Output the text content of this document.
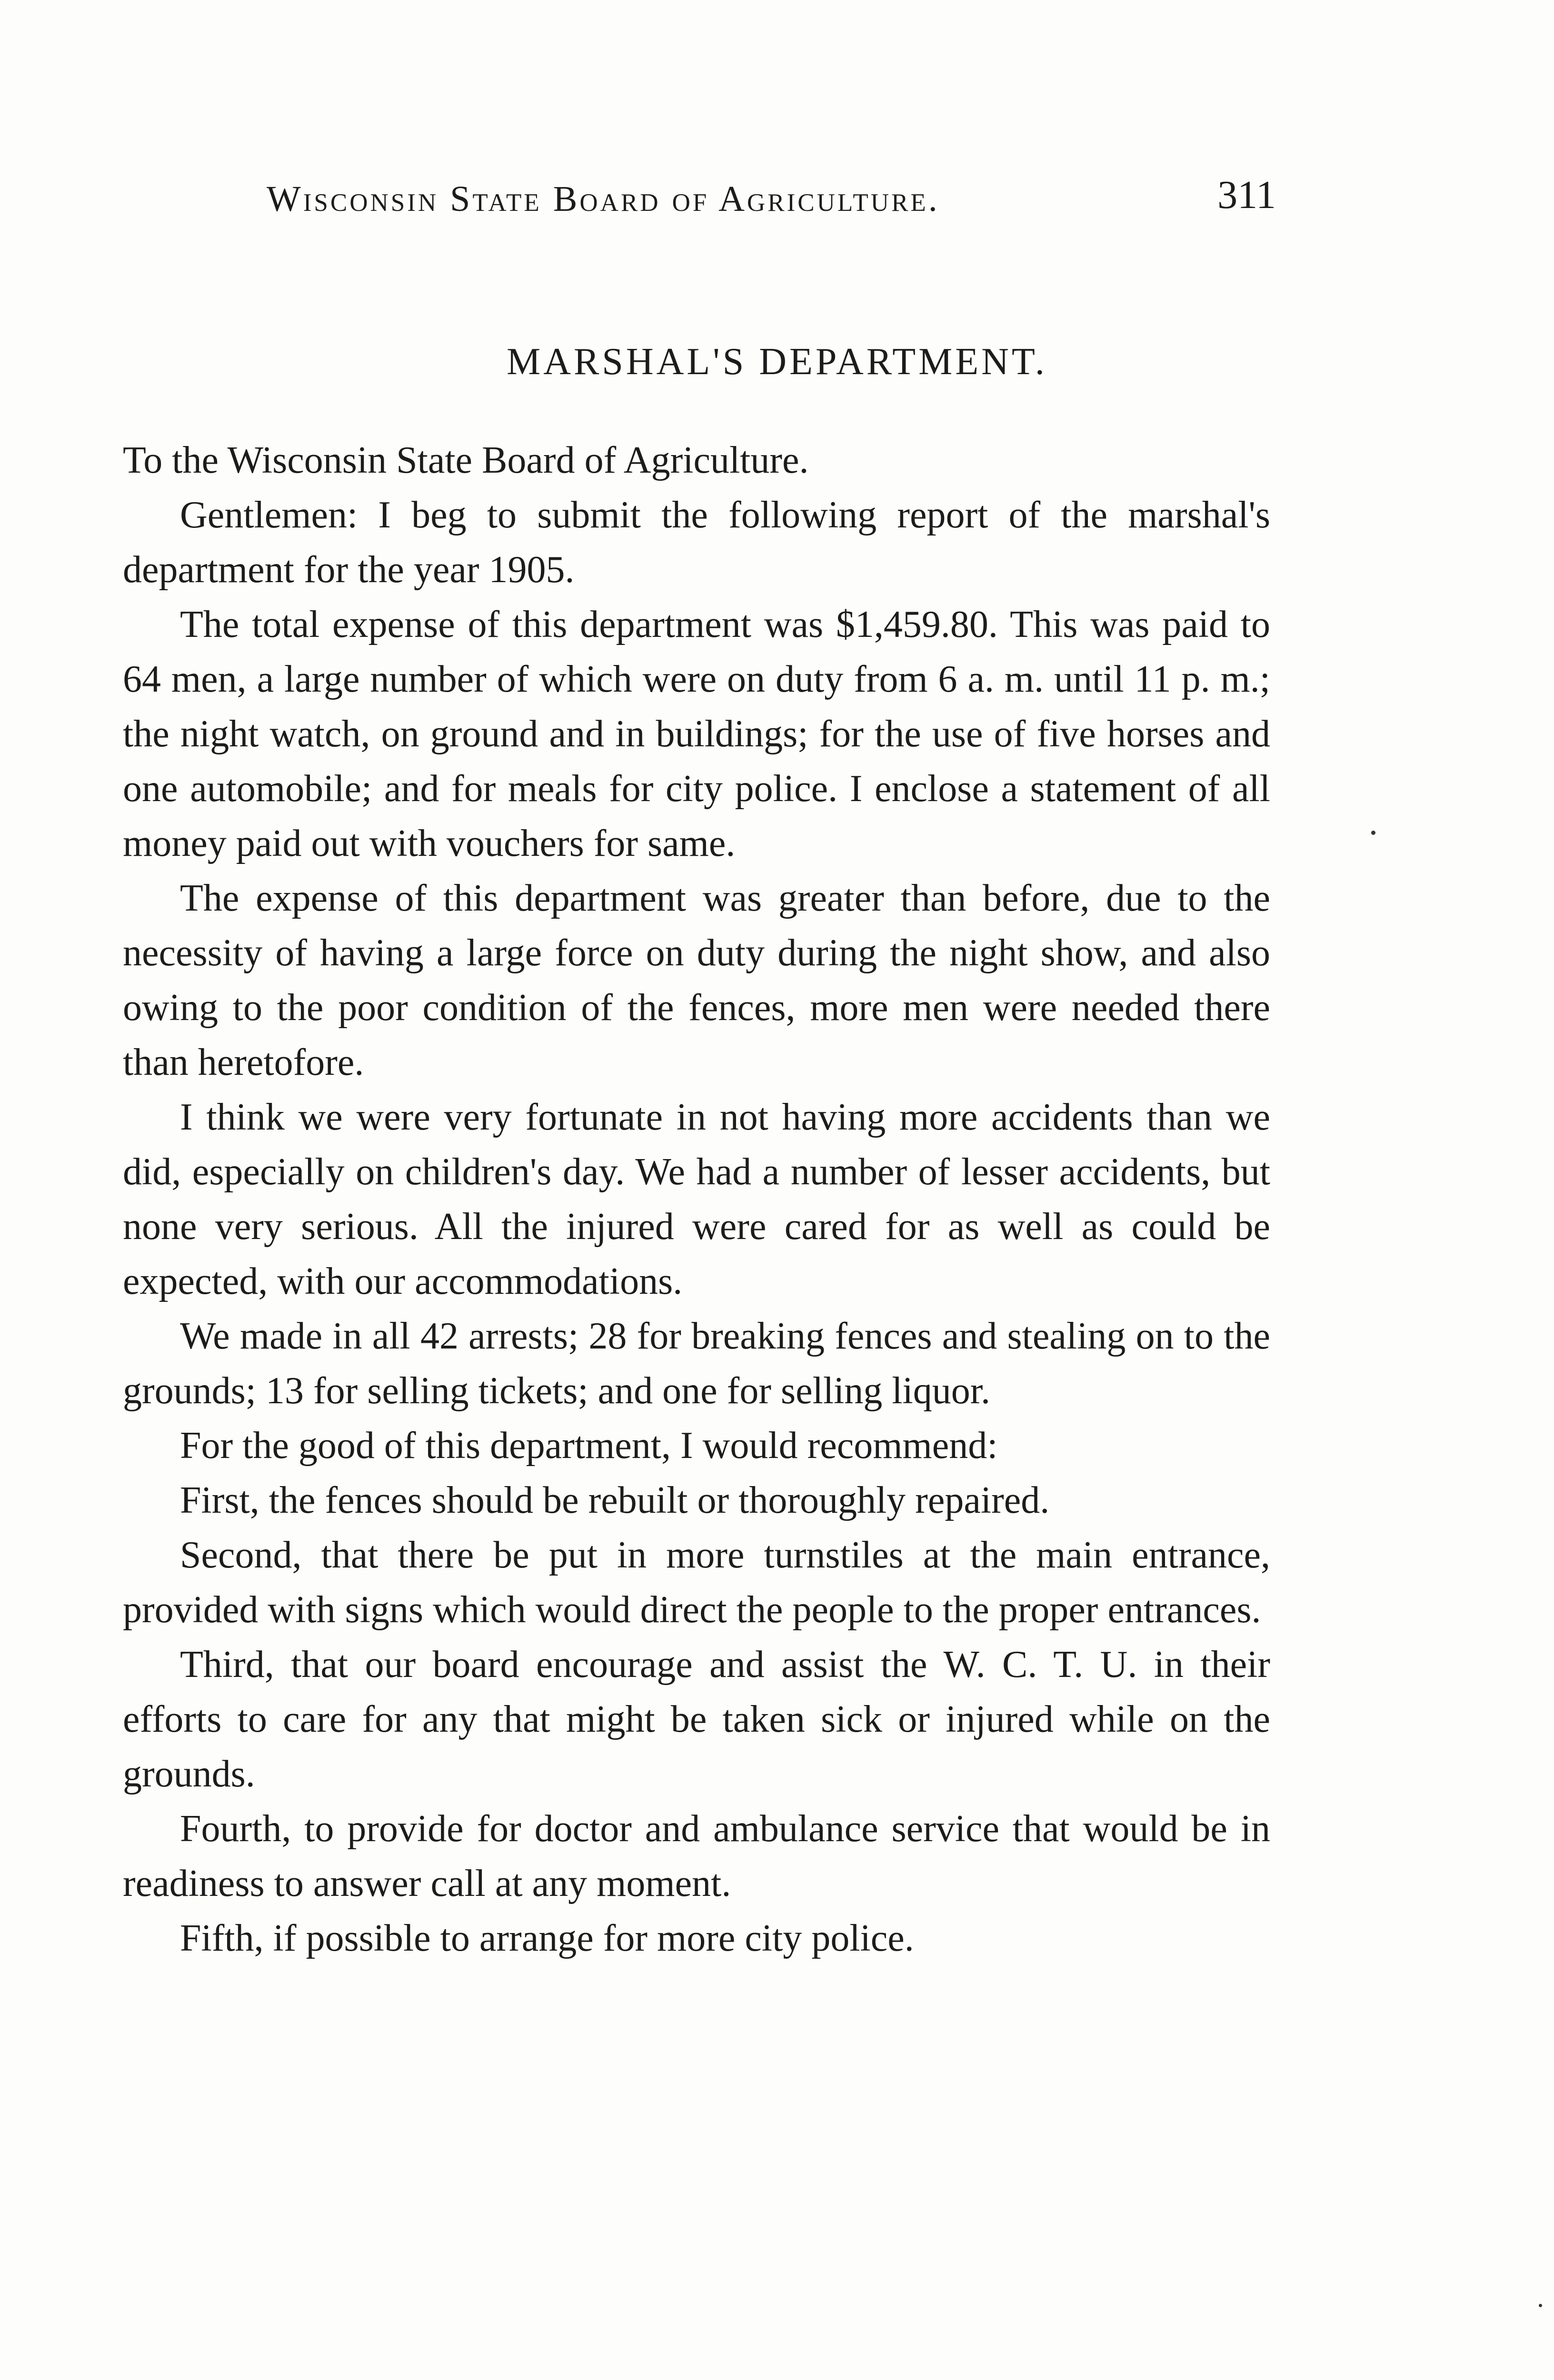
Wisconsin State Board of Agriculture.	311
MARSHAL'S DEPARTMENT.

To the Wisconsin State Board of Agriculture.

Gentlemen: I beg to submit the following report of the marshal's department for the year 1905.

The total expense of this department was $1,459.80. This was paid to 64 men, a large number of which were on duty from 6 a. m. until 11 p. m.; the night watch, on ground and in buildings; for the use of five horses and one automobile; and for meals for city police. I enclose a statement of all money paid out with vouchers for same.

The expense of this department was greater than before, due to the necessity of having a large force on duty during the night show, and also owing to the poor condition of the fences, more men were needed there than heretofore.

I think we were very fortunate in not having more accidents than we did, especially on children's day. We had a number of lesser accidents, but none very serious. All the injured were cared for as well as could be expected, with our accommodations.

We made in all 42 arrests; 28 for breaking fences and stealing on to the grounds; 13 for selling tickets; and one for selling liquor.

For the good of this department, I would recommend:

First, the fences should be rebuilt or thoroughly repaired.

Second, that there be put in more turnstiles at the main entrance, provided with signs which would direct the people to the proper entrances.

Third, that our board encourage and assist the W. C. T. U. in their efforts to care for any that might be taken sick or injured while on the grounds.

Fourth, to provide for doctor and ambulance service that would be in readiness to answer call at any moment.

Fifth, if possible to arrange for more city police.
